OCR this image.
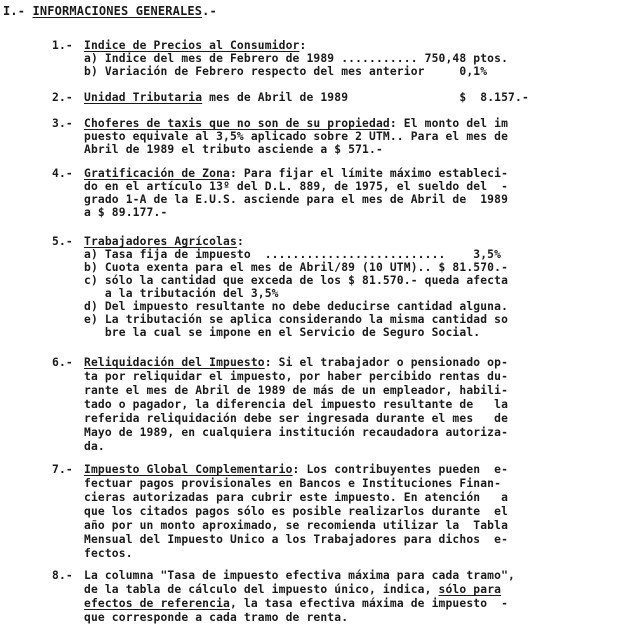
I.- INFORMACIONES GENERALES.-
1.- Indice de Precios al Consumidor:
a) Indice del mes de Febrero de 1989 ........... 750,48 ptos.
b) Variación de Febrero respecto del mes anterior     0,1%
2.- Unidad Tributaria mes de Abril de 1989                $  8.157.-
3.- Choferes de taxis que no son de su propiedad: El monto del im
puesto equivale al 3,5% aplicado sobre 2 UTM.. Para el mes de
Abril de 1989 el tributo asciende a $ 571.-
4.- Gratificación de Zona: Para fijar el límite máximo estableci-
do en el artículo 13º del D.L. 889, de 1975, el sueldo del  -
grado 1-A de la E.U.S. asciende para el mes de Abril de  1989
a $ 89.177.-
5.- Trabajadores Agrícolas:
a) Tasa fija de impuesto  ..........................    3,5%
b) Cuota exenta para el mes de Abril/89 (10 UTM).. $ 81.570.-
c) sólo la cantidad que exceda de los $ 81.570.- queda afecta
a la tributación del 3,5%
d) Del impuesto resultante no debe deducirse cantidad alguna.
e) La tributación se aplica considerando la misma cantidad so
bre la cual se impone en el Servicio de Seguro Social.
6.- Reliquidación del Impuesto: Si el trabajador o pensionado op-
ta por reliquidar el impuesto, por haber percibido rentas du-
rante el mes de Abril de 1989 de más de un empleador, habili-
tado o pagador, la diferencia del impuesto resultante de   la
referida reliquidación debe ser ingresada durante el mes   de
Mayo de 1989, en cualquiera institución recaudadora autoriza-
da.
7.- Impuesto Global Complementario: Los contribuyentes pueden  e-
fectuar pagos provisionales en Bancos e Instituciones Finan-
cieras autorizadas para cubrir este impuesto. En atención   a
que los citados pagos sólo es posible realizarlos durante  el
año por un monto aproximado, se recomienda utilizar la  Tabla
Mensual del Impuesto Unico a los Trabajadores para dichos  e-
fectos.
8.- La columna "Tasa de impuesto efectiva máxima para cada tramo",
de la tabla de cálculo del impuesto único, indica, sólo para
efectos de referencia, la tasa efectiva máxima de impuesto  -
que corresponde a cada tramo de renta.
